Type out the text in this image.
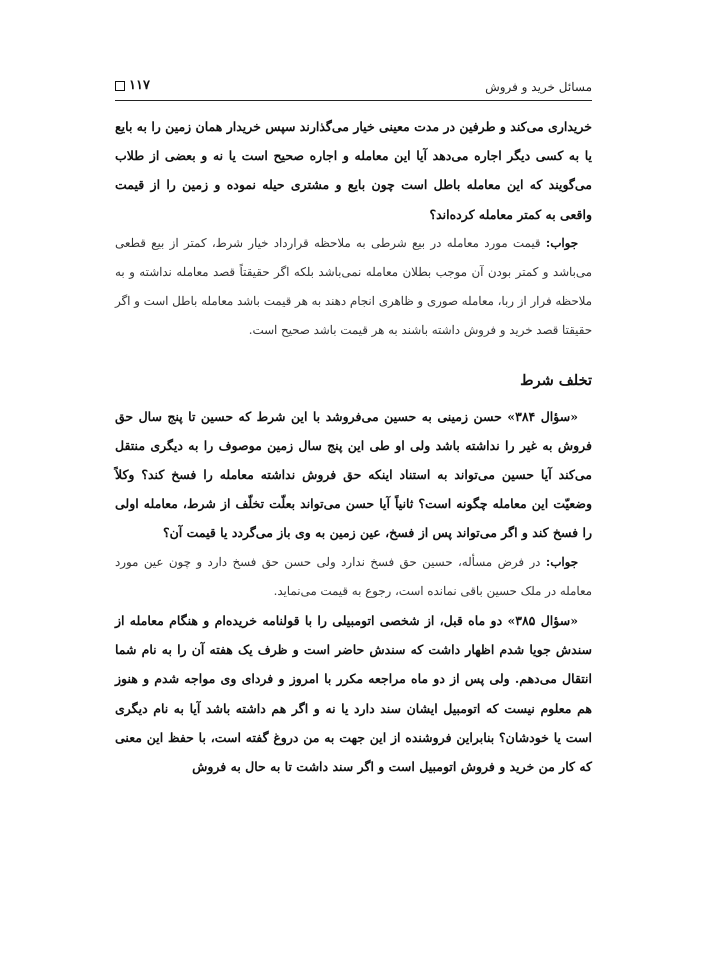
مسائل خرید و فروش
۱۱۷

خریداری می‌کند و طرفین در مدت معینی خیار می‌گذارند سپس خریدار همان زمین را به بایع یا به کسی دیگر اجاره می‌دهد آیا این معامله و اجاره صحیح است یا نه و بعضی از طلاب می‌گویند که این معامله باطل است چون بایع و مشتری حیله نموده و زمین را از قیمت واقعی به کمتر معامله کرده‌اند؟

جواب: قیمت مورد معامله در بیع شرطی به ملاحظه قرارداد خیار شرط، کمتر از بیع قطعی می‌باشد و کمتر بودن آن موجب بطلان معامله نمی‌باشد بلکه اگر حقیقتاً قصد معامله نداشته و به ملاحظه فرار از ربا، معامله صوری و ظاهری انجام دهند به هر قیمت باشد معامله باطل است و اگر حقیقتا قصد خرید و فروش داشته باشند به هر قیمت باشد صحیح است.

تخلف شرط

«سؤال ۳۸۴» حسن زمینی به حسین می‌فروشد با این شرط که حسین تا پنج سال حق فروش به غیر را نداشته باشد ولی او طی این پنج سال زمین موصوف را به دیگری منتقل می‌کند آیا حسین می‌تواند به استناد اینکه حق فروش نداشته معامله را فسخ کند؟ وکلاً وضعیّت این معامله چگونه است؟ ثانیاً آیا حسن می‌تواند بعلّت تخلّف از شرط، معامله اولی را فسخ کند و اگر می‌تواند پس از فسخ، عین زمین به وی باز می‌گردد یا قیمت آن؟

جواب: در فرض مسأله، حسین حق فسخ ندارد ولی حسن حق فسخ دارد و چون عین مورد معامله در ملک حسین باقی نمانده است، رجوع به قیمت می‌نماید.

«سؤال ۳۸۵» دو ماه قبل، از شخصی اتومبیلی را با قولنامه خریده‌ام و هنگام معامله از سندش جویا شدم اظهار داشت که سندش حاضر است و ظرف یک هفته آن را به نام شما انتقال می‌دهم. ولی پس از دو ماه مراجعه مکرر با امروز و فردای وی مواجه شدم و هنوز هم معلوم نیست که اتومبیل ایشان سند دارد یا نه و اگر هم داشته باشد آیا به نام دیگری است یا خودشان؟ بنابراین فروشنده از این جهت به من دروغ گفته است، با حفظ این معنی که کار من خرید و فروش اتومبیل است و اگر سند داشت تا به حال به فروش
